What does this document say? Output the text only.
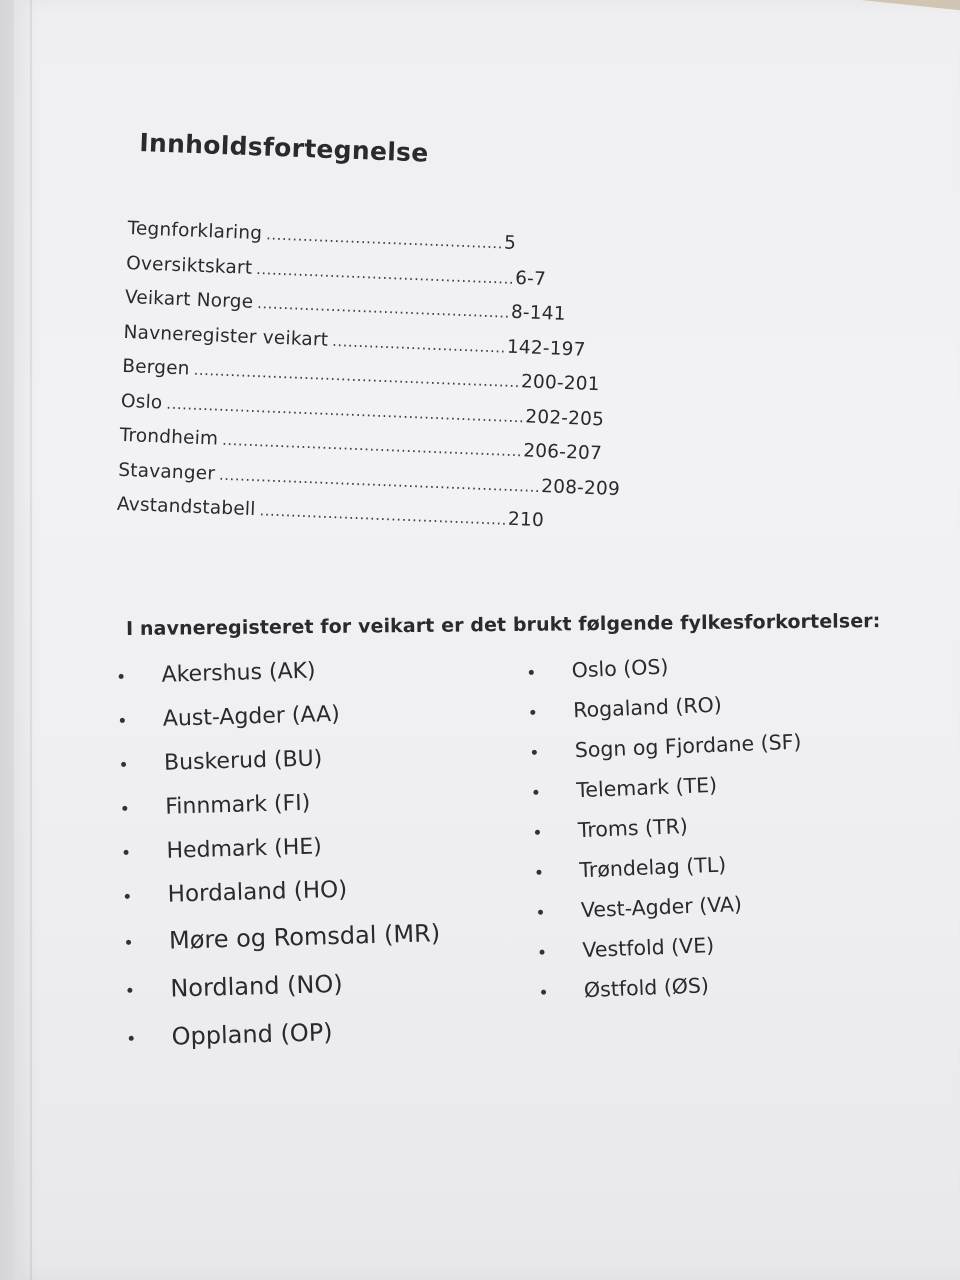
Innholdsfortegnelse
Tegnforklaring ............................................. 5
Oversiktskart ................................................. 6-7
Veikart Norge ................................................ 8-141
Navneregister veikart ................................. 142-197
Bergen .............................................................. 200-201
Oslo .................................................................... 202-205
Trondheim ......................................................... 206-207
Stavanger ............................................................. 208-209
Avstandstabell ............................................... 210
I navneregisteret for veikart er det brukt følgende fylkesforkortelser:
Akershus (AK)
Aust-Agder (AA)
Buskerud (BU)
Finnmark (FI)
Hedmark (HE)
Hordaland (HO)
Møre og Romsdal (MR)
Nordland (NO)
Oppland (OP)
Oslo (OS)
Rogaland (RO)
Sogn og Fjordane (SF)
Telemark (TE)
Troms (TR)
Trøndelag (TL)
Vest-Agder (VA)
Vestfold (VE)
Østfold (ØS)
